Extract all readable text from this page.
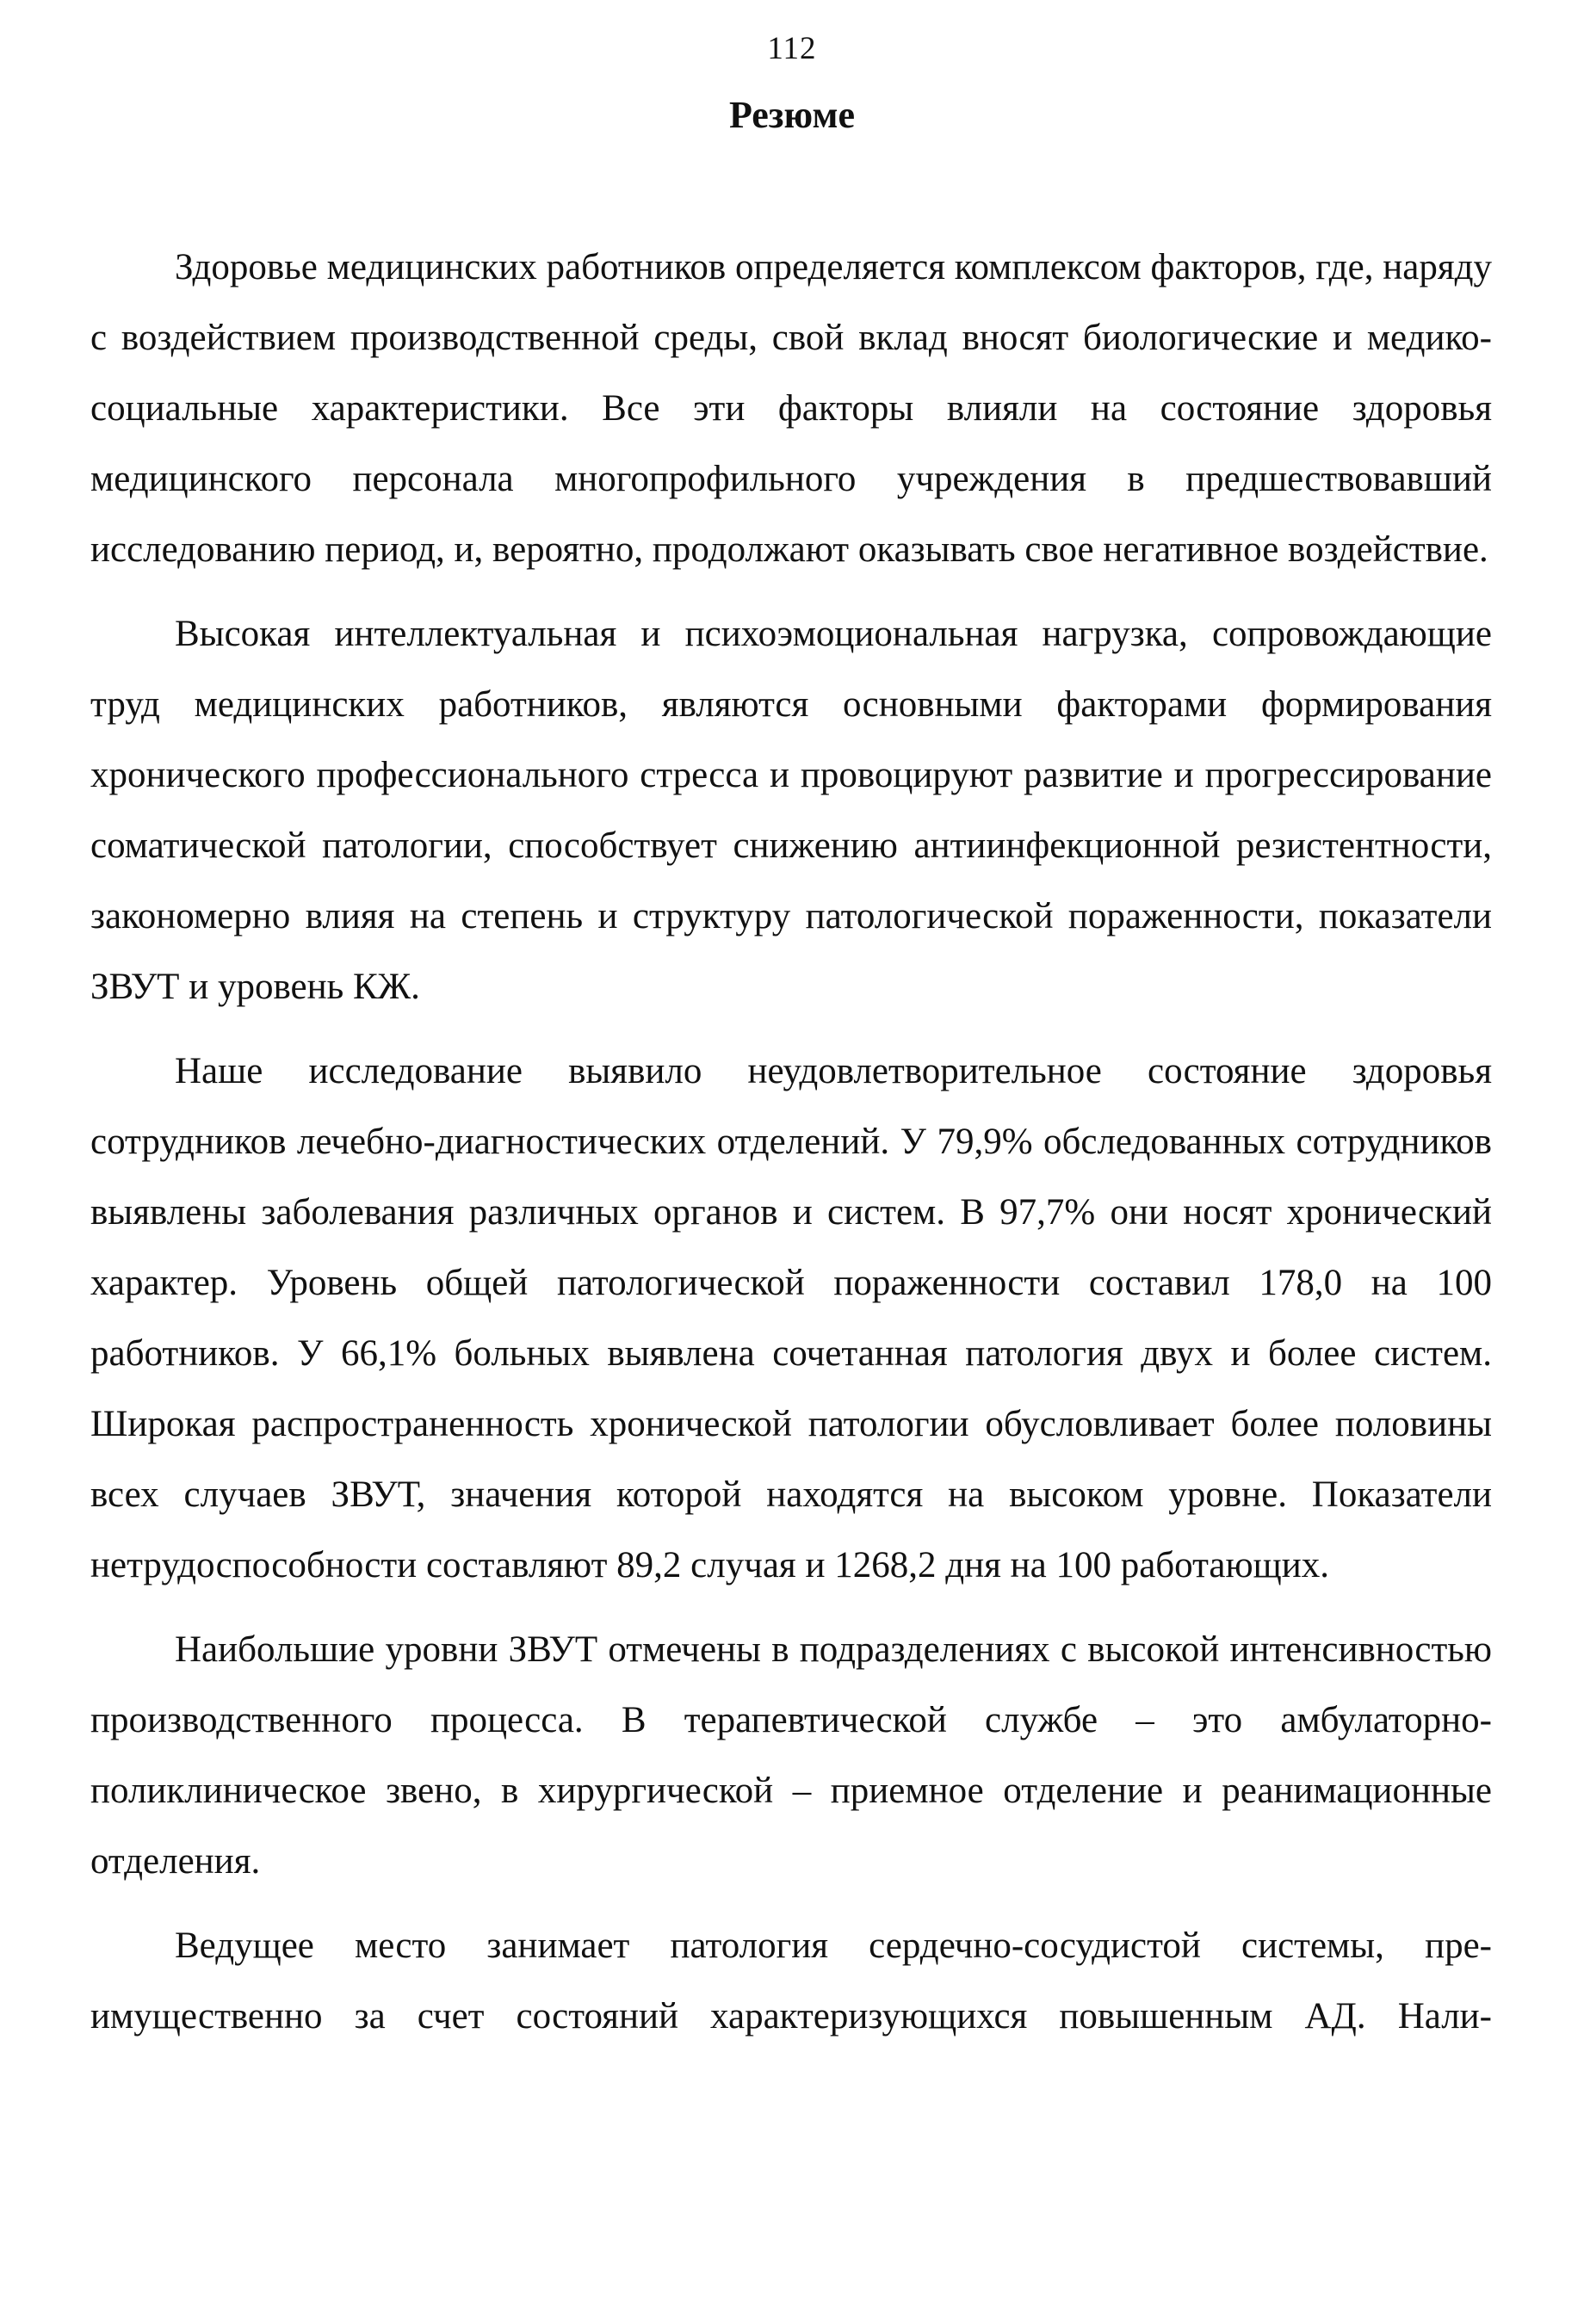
112
Резюме

Здоровье медицинских работников определяется комплексом факторов, где, наряду с воздействием производственной среды, свой вклад вносят биологические и медико-социальные характеристики. Все эти факторы влияли на состояние здоровья медицинского персонала многопрофильного учреждения в предшествовавший исследованию период, и, вероятно, продолжают оказывать свое негативное воздействие.

Высокая интеллектуальная и психоэмоциональная нагрузка, сопровождающие труд медицинских работников, являются основными факторами формирования хронического профессионального стресса и провоцируют развитие и прогрессирование соматической патологии, способствует снижению антиинфекционной резистентности, закономерно влияя на степень и структуру патологической пораженности, показатели ЗВУТ и уровень КЖ.

Наше исследование выявило неудовлетворительное состояние здоровья сотрудников лечебно-диагностических отделений. У 79,9% обследованных сотрудников выявлены заболевания различных органов и систем. В 97,7% они носят хронический характер. Уровень общей патологической пораженности составил 178,0 на 100 работников. У 66,1% больных выявлена сочетанная патология двух и более систем. Широкая распространенность хронической патологии обусловливает более половины всех случаев ЗВУТ, значения которой находятся на высоком уровне. Показатели нетрудоспособности составляют 89,2 случая и 1268,2 дня на 100 работающих.

Наибольшие уровни ЗВУТ отмечены в подразделениях с высокой интенсивностью производственного процесса. В терапевтической службе – это амбулаторно-поликлиническое звено, в хирургической – приемное отделение и реанимационные отделения.

Ведущее место занимает патология сердечно-сосудистой системы, преимущественно за счет состояний характеризующихся повышенным АД. Нали-
